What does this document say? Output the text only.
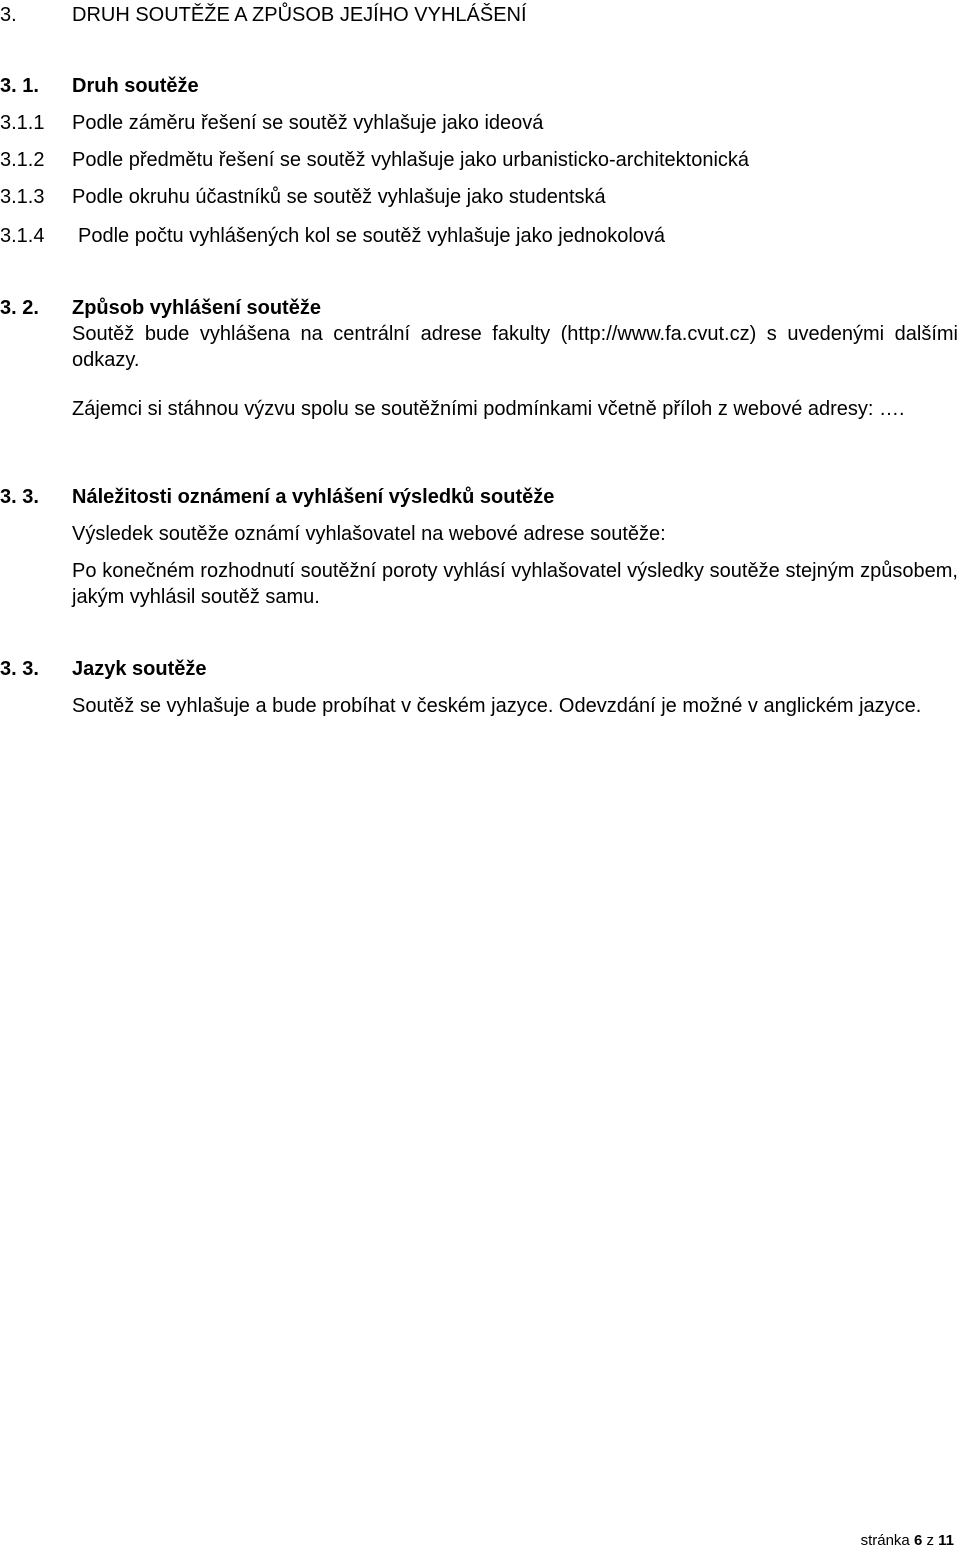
3.	DRUH SOUTĚŽE A ZPŮSOB JEJÍHO VYHLÁŠENÍ
3. 1. Druh soutěže
3.1.1 Podle záměru řešení se soutěž vyhlašuje jako ideová
3.1.2 Podle předmětu řešení se soutěž vyhlašuje jako urbanisticko-architektonická
3.1.3 Podle okruhu účastníků se soutěž vyhlašuje jako studentská
3.1.4 Podle počtu vyhlášených kol se soutěž vyhlašuje jako jednokolová
3. 2. Způsob vyhlášení soutěže
Soutěž bude vyhlášena na centrální adrese fakulty (http://www.fa.cvut.cz) s uvedenými dalšími odkazy.
Zájemci si stáhnou výzvu spolu se soutěžními podmínkami včetně příloh z webové adresy: ….
3. 3. Náležitosti oznámení a vyhlášení výsledků soutěže
Výsledek soutěže oznámí vyhlašovatel na webové adrese soutěže:
Po konečném rozhodnutí soutěžní poroty vyhlásí vyhlašovatel výsledky soutěže stejným způsobem, jakým vyhlásil soutěž samu.
3. 3. Jazyk soutěže
Soutěž se vyhlašuje a bude probíhat v českém jazyce. Odevzdání je možné v anglickém jazyce.
stránka 6 z 11
